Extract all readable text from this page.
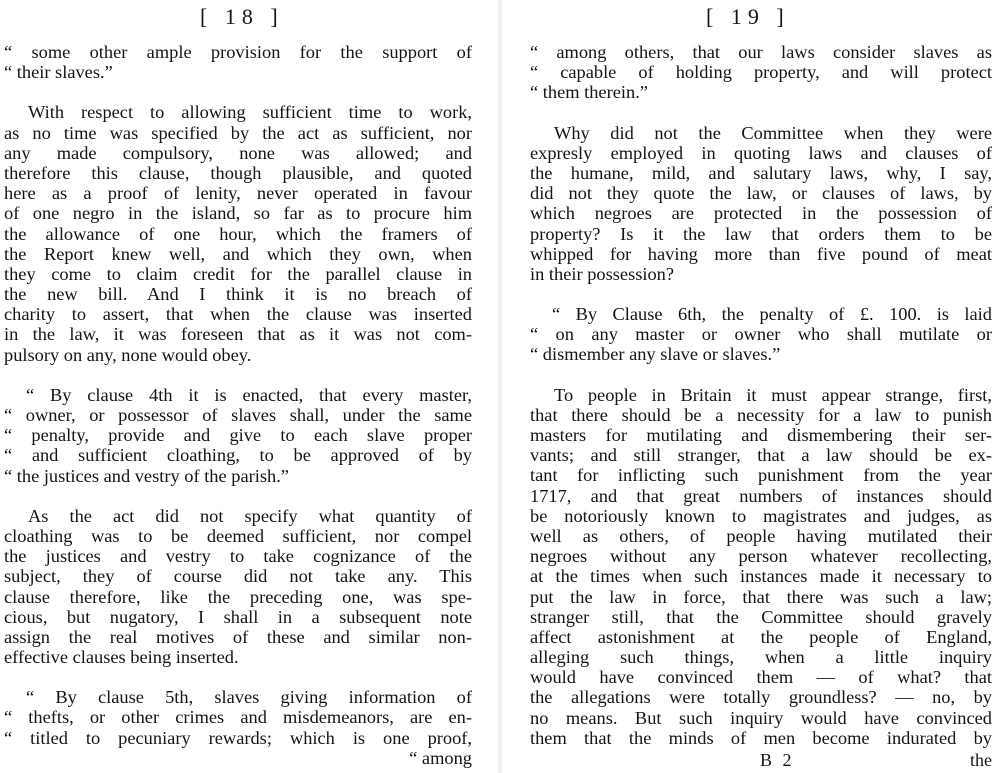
[ 18 ]
“ some other ample provision for the support of
“ their slaves.”
With respect to allowing sufficient time to work,
as no time was specified by the act as sufficient, nor
any made compulsory, none was allowed; and
therefore this clause, though plausible, and quoted
here as a proof of lenity, never operated in favour
of one negro in the island, so far as to procure him
the allowance of one hour, which the framers of
the Report knew well, and which they own, when
they come to claim credit for the parallel clause in
the new bill. And I think it is no breach of
charity to assert, that when the clause was inserted
in the law, it was foreseen that as it was not com-
pulsory on any, none would obey.
“ By clause 4th it is enacted, that every master,
“ owner, or possessor of slaves shall, under the same
“ penalty, provide and give to each slave proper
“ and sufficient cloathing, to be approved of by
“ the justices and vestry of the parish.”
As the act did not specify what quantity of
cloathing was to be deemed sufficient, nor compel
the justices and vestry to take cognizance of the
subject, they of course did not take any. This
clause therefore, like the preceding one, was spe-
cious, but nugatory, I shall in a subsequent note
assign the real motives of these and similar non-
effective clauses being inserted.
“ By clause 5th, slaves giving information of
“ thefts, or other crimes and misdemeanors, are en-
“ titled to pecuniary rewards; which is one proof,
“ among
[ 19 ]
“ among others, that our laws consider slaves as
“ capable of holding property, and will protect
“ them therein.”
Why did not the Committee when they were
expresly employed in quoting laws and clauses of
the humane, mild, and salutary laws, why, I say,
did not they quote the law, or clauses of laws, by
which negroes are protected in the possession of
property? Is it the law that orders them to be
whipped for having more than five pound of meat
in their possession?
“ By Clause 6th, the penalty of £. 100. is laid
“ on any master or owner who shall mutilate or
“ dismember any slave or slaves.”
To people in Britain it must appear strange, first,
that there should be a necessity for a law to punish
masters for mutilating and dismembering their ser-
vants; and still stranger, that a law should be ex-
tant for inflicting such punishment from the year
1717, and that great numbers of instances should
be notoriously known to magistrates and judges, as
well as others, of people having mutilated their
negroes without any person whatever recollecting,
at the times when such instances made it necessary to
put the law in force, that there was such a law;
stranger still, that the Committee should gravely
affect astonishment at the people of England,
alleging such things, when a little inquiry
would have convinced them — of what? that
the allegations were totally groundless? — no, by
no means. But such inquiry would have convinced
them that the minds of men become indurated by
B 2	the
